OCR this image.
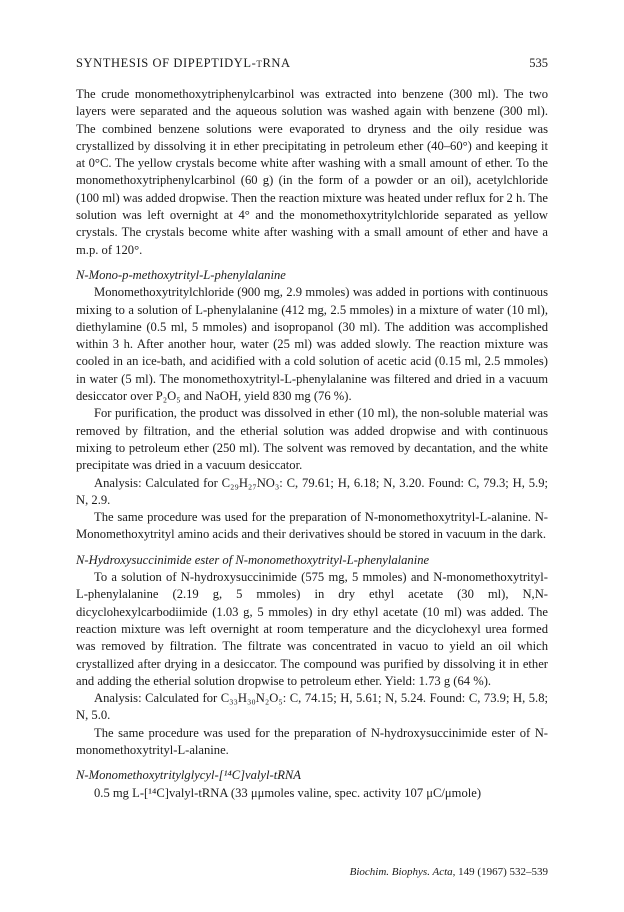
SYNTHESIS OF DIPEPTIDYL-tRNA	535

The crude monomethoxytriphenylcarbinol was extracted into benzene (300 ml). The two layers were separated and the aqueous solution was washed again with benzene (300 ml). The combined benzene solutions were evaporated to dryness and the oily residue was crystallized by dissolving it in ether precipitating in petroleum ether (40–60°) and keeping it at 0°C. The yellow crystals become white after washing with a small amount of ether. To the monomethoxytriphenylcarbinol (60 g) (in the form of a powder or an oil), acetylchloride (100 ml) was added dropwise. Then the reaction mixture was heated under reflux for 2 h. The solution was left overnight at 4° and the monomethoxytritylchloride separated as yellow crystals. The crystals become white after washing with a small amount of ether and have a m.p. of 120°.

N-Mono-p-methoxytrityl-L-phenylalanine

Monomethoxytritylchloride (900 mg, 2.9 mmoles) was added in portions with continuous mixing to a solution of L-phenylalanine (412 mg, 2.5 mmoles) in a mixture of water (10 ml), diethylamine (0.5 ml, 5 mmoles) and isopropanol (30 ml). The addition was accomplished within 3 h. After another hour, water (25 ml) was added slowly. The reaction mixture was cooled in an ice-bath, and acidified with a cold solution of acetic acid (0.15 ml, 2.5 mmoles) in water (5 ml). The monomethoxytrityl-L-phenylalanine was filtered and dried in a vacuum desiccator over P₂O₅ and NaOH, yield 830 mg (76 %).

For purification, the product was dissolved in ether (10 ml), the non-soluble material was removed by filtration, and the etherial solution was added dropwise and with continuous mixing to petroleum ether (250 ml). The solvent was removed by decantation, and the white precipitate was dried in a vacuum desiccator.

Analysis: Calculated for C₂₉H₂₇NO₃: C, 79.61; H, 6.18; N, 3.20. Found: C, 79.3; H, 5.9; N, 2.9.

The same procedure was used for the preparation of N-monomethoxytrityl-L-alanine. N-Monomethoxytrityl amino acids and their derivatives should be stored in vacuum in the dark.

N-Hydroxysuccinimide ester of N-monomethoxytrityl-L-phenylalanine

To a solution of N-hydroxysuccinimide (575 mg, 5 mmoles) and N-monomethoxytrityl-L-phenylalanine (2.19 g, 5 mmoles) in dry ethyl acetate (30 ml), N,N-dicyclohexylcarbodiimide (1.03 g, 5 mmoles) in dry ethyl acetate (10 ml) was added. The reaction mixture was left overnight at room temperature and the dicyclohexyl urea formed was removed by filtration. The filtrate was concentrated in vacuo to yield an oil which crystallized after drying in a desiccator. The compound was purified by dissolving it in ether and adding the etherial solution dropwise to petroleum ether. Yield: 1.73 g (64 %).

Analysis: Calculated for C₃₃H₃₀N₂O₅: C, 74.15; H, 5.61; N, 5.24. Found: C, 73.9; H, 5.8; N, 5.0.

The same procedure was used for the preparation of N-hydroxysuccinimide ester of N-monomethoxytrityl-L-alanine.

N-Monomethoxytritylglycyl-[¹⁴C]valyl-tRNA

0.5 mg L-[¹⁴C]valyl-tRNA (33 μμmoles valine, spec. activity 107 μC/μmole)

Biochim. Biophys. Acta, 149 (1967) 532–539
